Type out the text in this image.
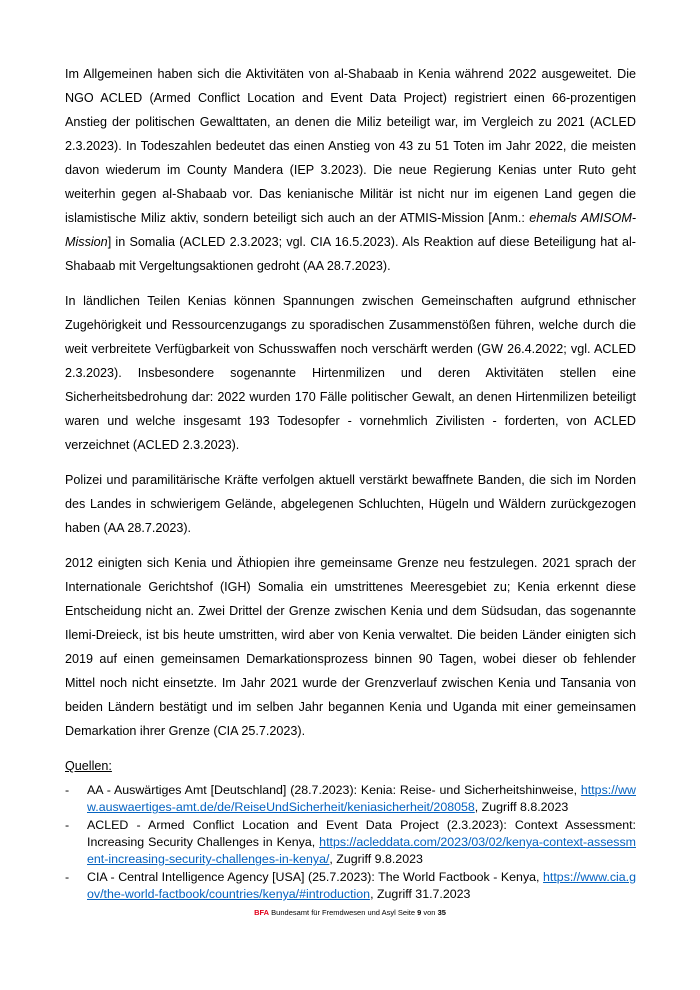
Im Allgemeinen haben sich die Aktivitäten von al-Shabaab in Kenia während 2022 ausgeweitet. Die NGO ACLED (Armed Conflict Location and Event Data Project) registriert einen 66-prozentigen Anstieg der politischen Gewalttaten, an denen die Miliz beteiligt war, im Vergleich zu 2021 (ACLED 2.3.2023). In Todeszahlen bedeutet das einen Anstieg von 43 zu 51 Toten im Jahr 2022, die meisten davon wiederum im County Mandera (IEP 3.2023). Die neue Regierung Kenias unter Ruto geht weiterhin gegen al-Shabaab vor. Das kenianische Militär ist nicht nur im eigenen Land gegen die islamistische Miliz aktiv, sondern beteiligt sich auch an der ATMIS-Mission [Anm.: ehemals AMISOM-Mission] in Somalia (ACLED 2.3.2023; vgl. CIA 16.5.2023). Als Reaktion auf diese Beteiligung hat al-Shabaab mit Vergeltungsaktionen gedroht (AA 28.7.2023).

In ländlichen Teilen Kenias können Spannungen zwischen Gemeinschaften aufgrund ethnischer Zugehörigkeit und Ressourcenzugangs zu sporadischen Zusammenstößen führen, welche durch die weit verbreitete Verfügbarkeit von Schusswaffen noch verschärft werden (GW 26.4.2022; vgl. ACLED 2.3.2023). Insbesondere sogenannte Hirtenmilizen und deren Aktivitäten stellen eine Sicherheitsbedrohung dar: 2022 wurden 170 Fälle politischer Gewalt, an denen Hirtenmilizen beteiligt waren und welche insgesamt 193 Todesopfer - vornehmlich Zivilisten - forderten, von ACLED verzeichnet (ACLED 2.3.2023).

Polizei und paramilitärische Kräfte verfolgen aktuell verstärkt bewaffnete Banden, die sich im Norden des Landes in schwierigem Gelände, abgelegenen Schluchten, Hügeln und Wäldern zurückgezogen haben (AA 28.7.2023).

2012 einigten sich Kenia und Äthiopien ihre gemeinsame Grenze neu festzulegen. 2021 sprach der Internationale Gerichtshof (IGH) Somalia ein umstrittenes Meeresgebiet zu; Kenia erkennt diese Entscheidung nicht an. Zwei Drittel der Grenze zwischen Kenia und dem Südsudan, das sogenannte Ilemi-Dreieck, ist bis heute umstritten, wird aber von Kenia verwaltet. Die beiden Länder einigten sich 2019 auf einen gemeinsamen Demarkationsprozess binnen 90 Tagen, wobei dieser ob fehlender Mittel noch nicht einsetzte. Im Jahr 2021 wurde der Grenzverlauf zwischen Kenia und Tansania von beiden Ländern bestätigt und im selben Jahr begannen Kenia und Uganda mit einer gemeinsamen Demarkation ihrer Grenze (CIA 25.7.2023).

Quellen:

-	AA - Auswärtiges Amt [Deutschland] (28.7.2023): Kenia: Reise- und Sicherheitshinweise, https://www.auswaertiges-amt.de/de/ReiseUndSicherheit/keniasicherheit/208058, Zugriff 8.8.2023
-	ACLED - Armed Conflict Location and Event Data Project (2.3.2023): Context Assessment: Increasing Security Challenges in Kenya, https://acleddata.com/2023/03/02/kenya-context-assessment-increasing-security-challenges-in-kenya/, Zugriff 9.8.2023
-	CIA - Central Intelligence Agency [USA] (25.7.2023): The World Factbook - Kenya, https://www.cia.gov/the-world-factbook/countries/kenya/#introduction, Zugriff 31.7.2023
BFA Bundesamt für Fremdwesen und Asyl Seite 9 von 35
